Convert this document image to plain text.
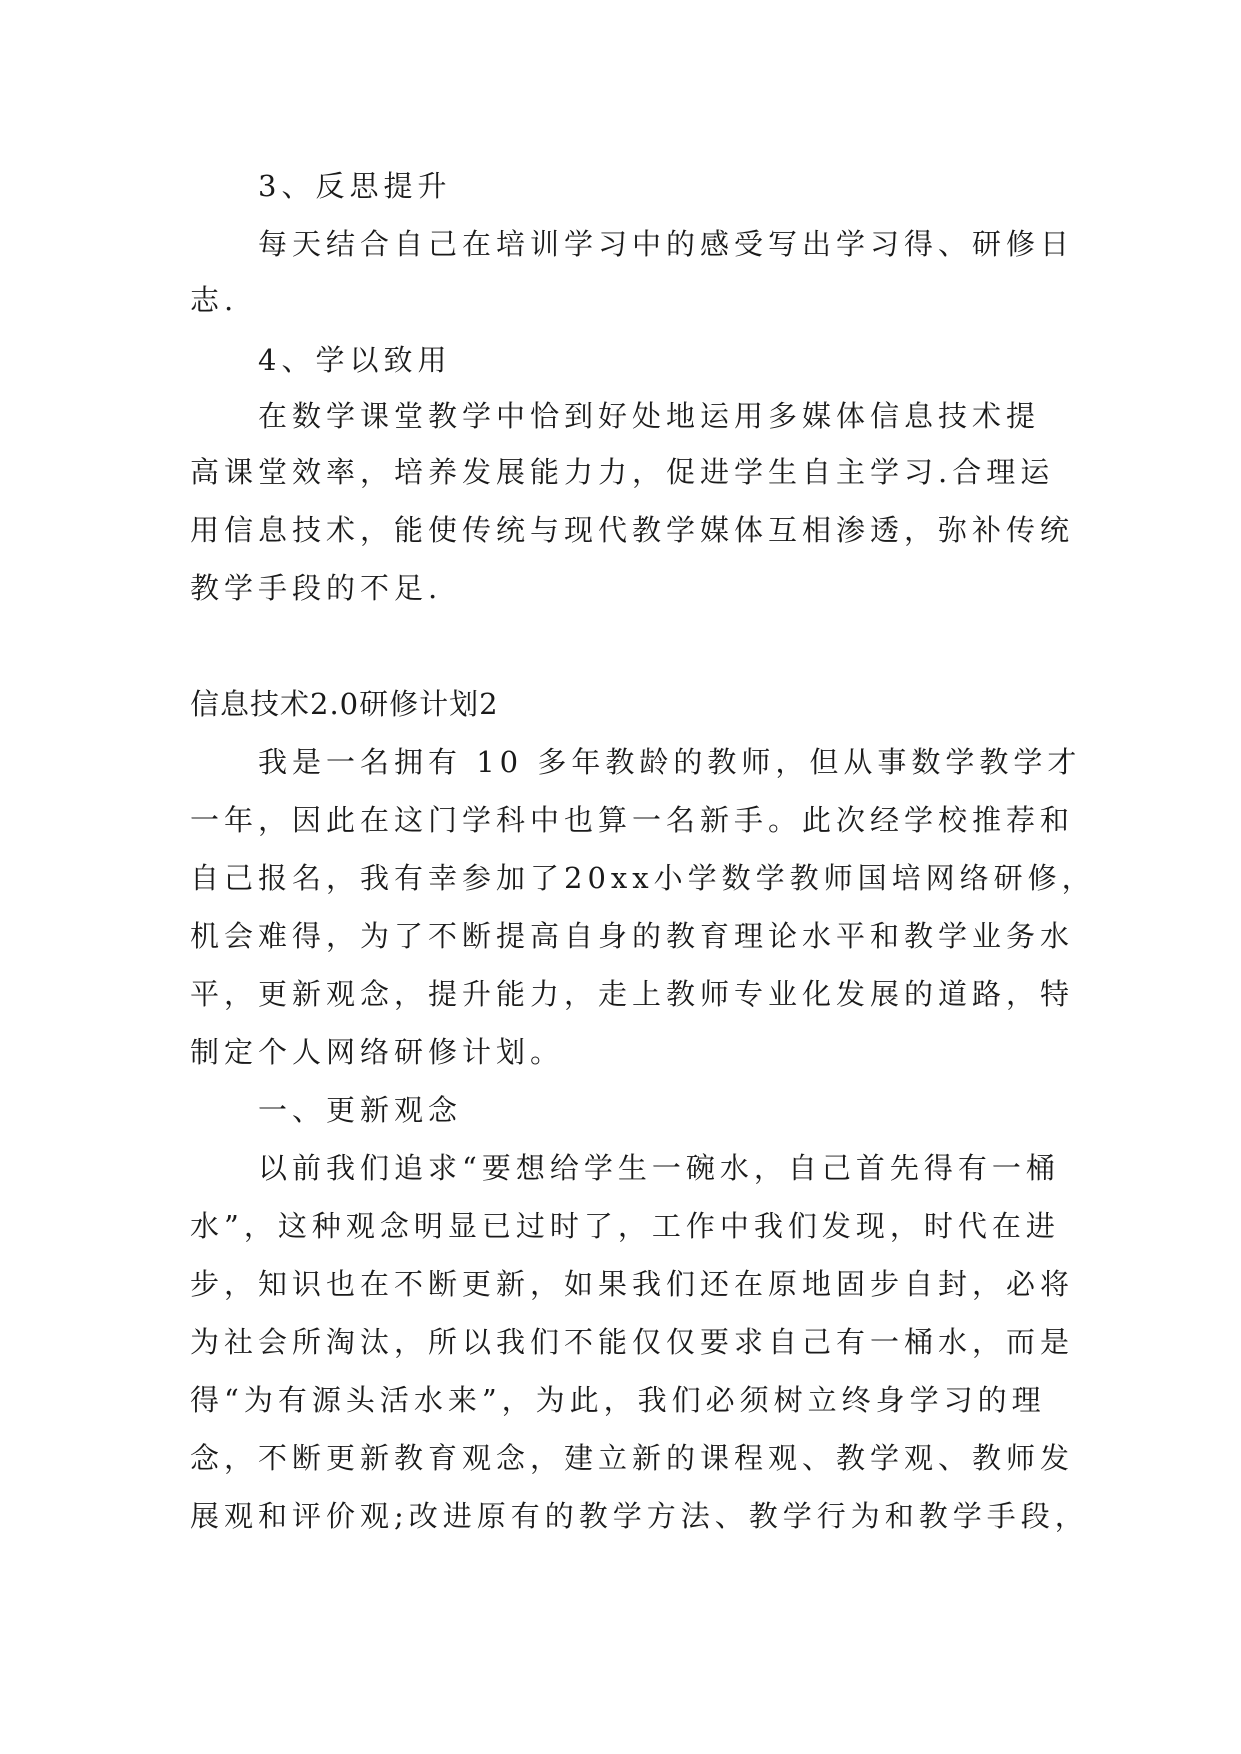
3、反思提升
每天结合自己在培训学习中的感受写出学习得、研修日
志.
4、学以致用
在数学课堂教学中恰到好处地运用多媒体信息技术提
高课堂效率，培养发展能力力，促进学生自主学习.合理运
用信息技术，能使传统与现代教学媒体互相渗透，弥补传统
教学手段的不足.
信息技术2.0研修计划2
我是一名拥有 10 多年教龄的教师，但从事数学教学才
一年，因此在这门学科中也算一名新手。此次经学校推荐和
自己报名，我有幸参加了20xx小学数学教师国培网络研修，
机会难得，为了不断提高自身的教育理论水平和教学业务水
平，更新观念，提升能力，走上教师专业化发展的道路，特
制定个人网络研修计划。
一、更新观念
以前我们追求“要想给学生一碗水，自己首先得有一桶
水”，这种观念明显已过时了，工作中我们发现，时代在进
步，知识也在不断更新，如果我们还在原地固步自封，必将
为社会所淘汰，所以我们不能仅仅要求自己有一桶水，而是
得“为有源头活水来”，为此，我们必须树立终身学习的理
念，不断更新教育观念，建立新的课程观、教学观、教师发
展观和评价观;改进原有的教学方法、教学行为和教学手段，
